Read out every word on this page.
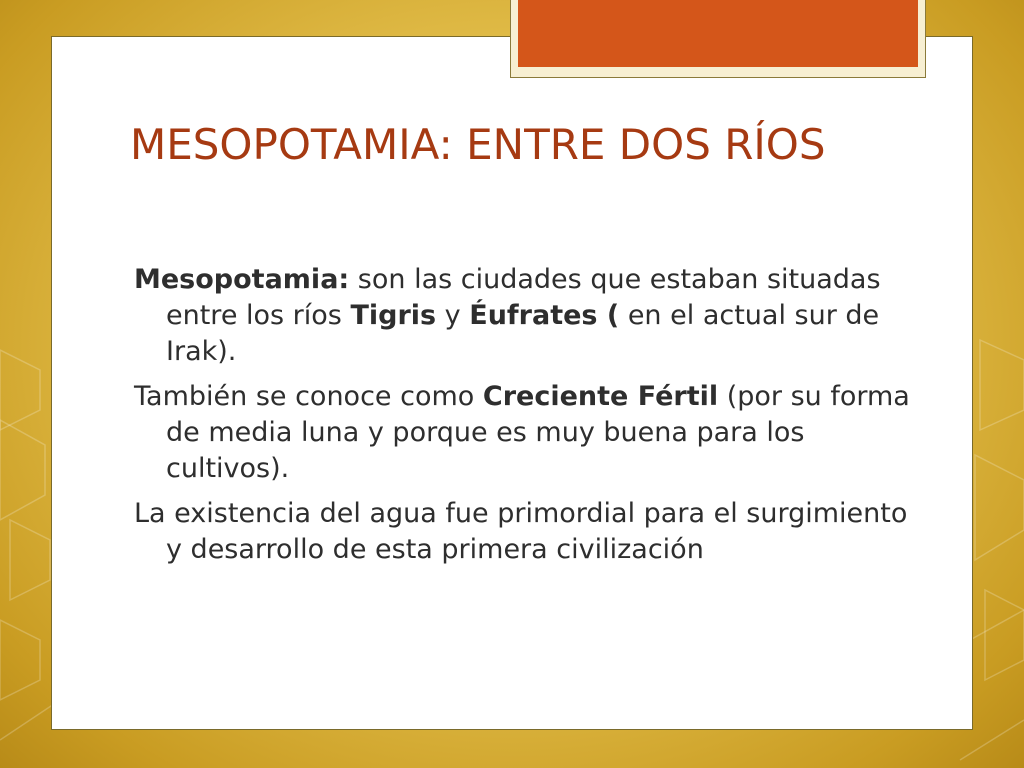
MESOPOTAMIA: ENTRE DOS RÍOS

Mesopotamia: son las ciudades que estaban situadas entre los ríos Tigris y Éufrates ( en el actual sur de Irak).

También se conoce como Creciente Fértil (por su forma de media luna y porque es muy buena para los cultivos).

La existencia del agua fue primordial para el surgimiento y desarrollo de esta primera civilización
